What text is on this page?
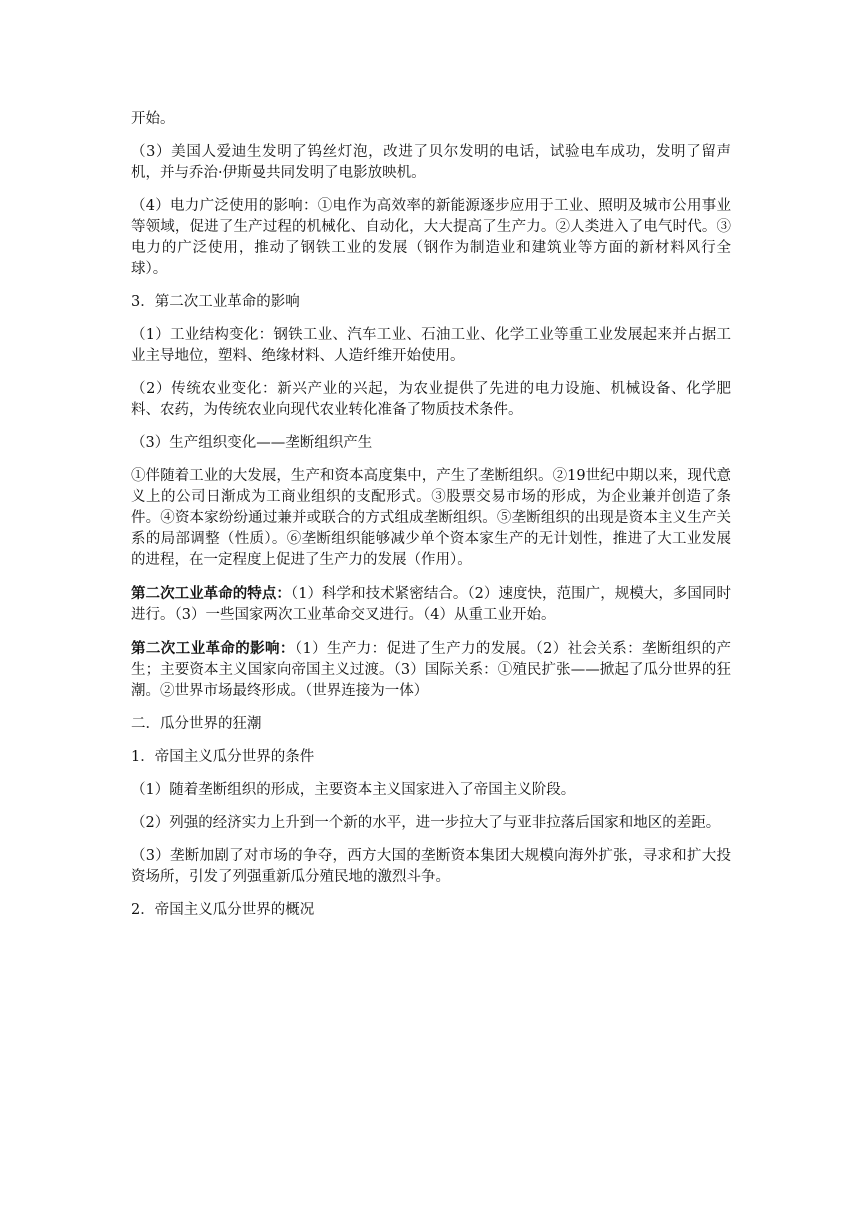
开始。

（3）美国人爱迪生发明了钨丝灯泡，改进了贝尔发明的电话，试验电车成功，发明了留声机，并与乔治·伊斯曼共同发明了电影放映机。

（4）电力广泛使用的影响：①电作为高效率的新能源逐步应用于工业、照明及城市公用事业等领域，促进了生产过程的机械化、自动化，大大提高了生产力。②人类进入了电气时代。③电力的广泛使用，推动了钢铁工业的发展（钢作为制造业和建筑业等方面的新材料风行全球）。

3．第二次工业革命的影响

（1）工业结构变化：钢铁工业、汽车工业、石油工业、化学工业等重工业发展起来并占据工业主导地位，塑料、绝缘材料、人造纤维开始使用。

（2）传统农业变化：新兴产业的兴起，为农业提供了先进的电力设施、机械设备、化学肥料、农药，为传统农业向现代农业转化准备了物质技术条件。

（3）生产组织变化——垄断组织产生

①伴随着工业的大发展，生产和资本高度集中，产生了垄断组织。②19世纪中期以来，现代意义上的公司日渐成为工商业组织的支配形式。③股票交易市场的形成，为企业兼并创造了条件。④资本家纷纷通过兼并或联合的方式组成垄断组织。⑤垄断组织的出现是资本主义生产关系的局部调整（性质）。⑥垄断组织能够减少单个资本家生产的无计划性，推进了大工业发展的进程，在一定程度上促进了生产力的发展（作用）。

第二次工业革命的特点：（1）科学和技术紧密结合。（2）速度快，范围广，规模大，多国同时进行。（3）一些国家两次工业革命交叉进行。（4）从重工业开始。

第二次工业革命的影响：（1）生产力：促进了生产力的发展。（2）社会关系：垄断组织的产生；主要资本主义国家向帝国主义过渡。（3）国际关系：①殖民扩张——掀起了瓜分世界的狂潮。②世界市场最终形成。（世界连接为一体）

二．瓜分世界的狂潮

1．帝国主义瓜分世界的条件

（1）随着垄断组织的形成，主要资本主义国家进入了帝国主义阶段。

（2）列强的经济实力上升到一个新的水平，进一步拉大了与亚非拉落后国家和地区的差距。

（3）垄断加剧了对市场的争夺，西方大国的垄断资本集团大规模向海外扩张，寻求和扩大投资场所，引发了列强重新瓜分殖民地的激烈斗争。

2．帝国主义瓜分世界的概况
